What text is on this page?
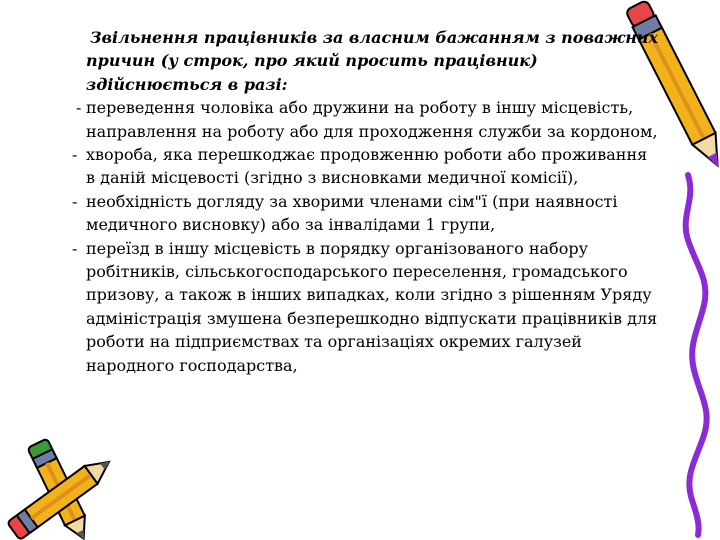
Звільнення працівників за власним бажанням з поважних причин (у строк, про який просить працівник) здійснюється в разі:

- переведення чоловіка або дружини на роботу в іншу місцевість, направлення на роботу або для проходження служби за кордоном,

- хвороба, яка перешкоджає продовженню роботи або проживання в даній місцевості (згідно з висновками медичної комісії),

- необхідність догляду за хворими членами сім"ї (при наявності медичного висновку) або за інвалідами 1 групи,

- переїзд в іншу місцевість в порядку організованого набору робітників, сільськогосподарського переселення, громадського призову, а також в інших випадках, коли згідно з рішенням Уряду адміністрація змушена безперешкодно відпускати працівників для роботи на підприємствах та організаціях окремих галузей народного господарства,
